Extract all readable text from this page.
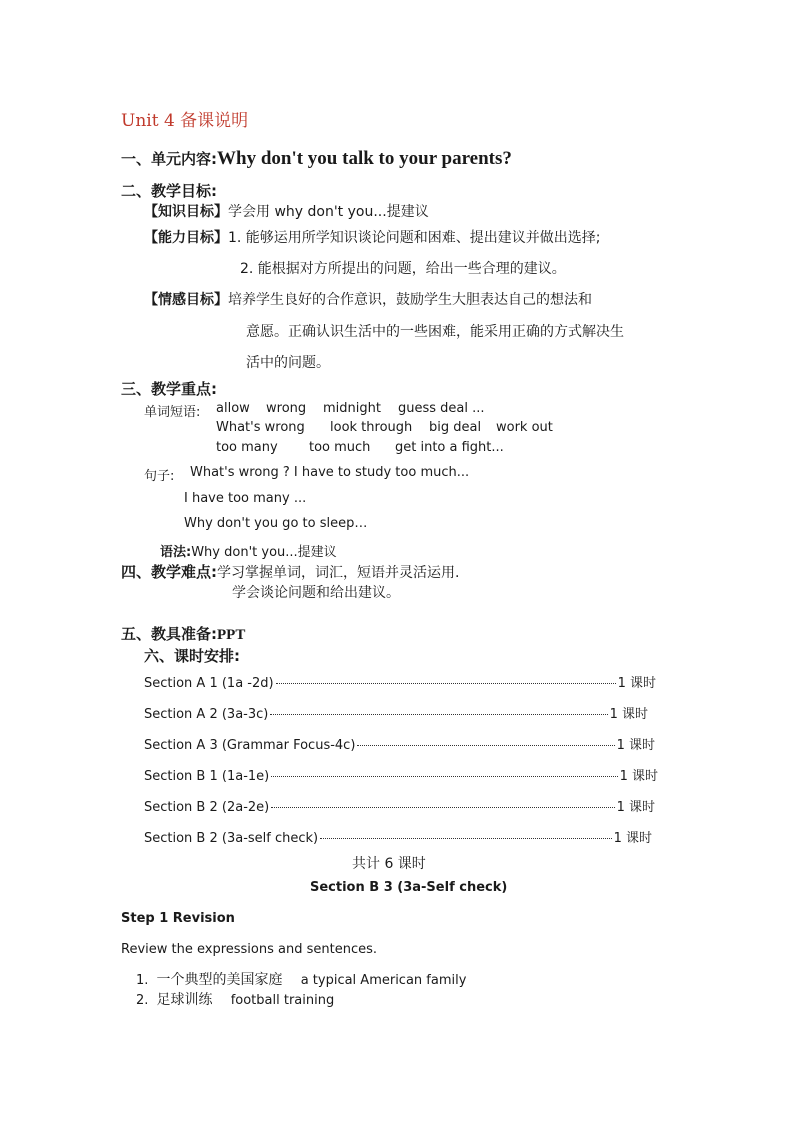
Unit 4 备课说明
一、单元内容:Why don't you talk to your parents?
二、教学目标:
【知识目标】学会用 why don't you...提建议
【能力目标】1. 能够运用所学知识谈论问题和困难、提出建议并做出选择;
2. 能根据对方所提出的问题，给出一些合理的建议。
【情感目标】培养学生良好的合作意识，鼓励学生大胆表达自己的想法和
意愿。正确认识生活中的一些困难，能采用正确的方式解决生
活中的问题。
三、教学重点:
单词短语: allow wrong midnight guess deal ...
What's wrong look through big deal work out
too many too much get into a fight...
句子: What's wrong ? I have to study too much...
I have too many ...
Why don't you go to sleep…
语法:Why don't you...提建议
四、教学难点:学习掌握单词，词汇，短语并灵活运用.
学会谈论问题和给出建议。
五、教具准备:PPT
六、课时安排:
Section A 1 (1a -2d)	1 课时
Section A 2 (3a-3c)	1 课时
Section A 3 (Grammar Focus-4c)	1 课时
Section B 1 (1a-1e)	1 课时
Section B 2 (2a-2e)	1 课时
Section B 2 (3a-self check)	1 课时
共计 6 课时
Section B 3 (3a-Self check)
Step 1 Revision
Review the expressions and sentences.
1. 一个典型的美国家庭 a typical American family
2. 足球训练 football training
